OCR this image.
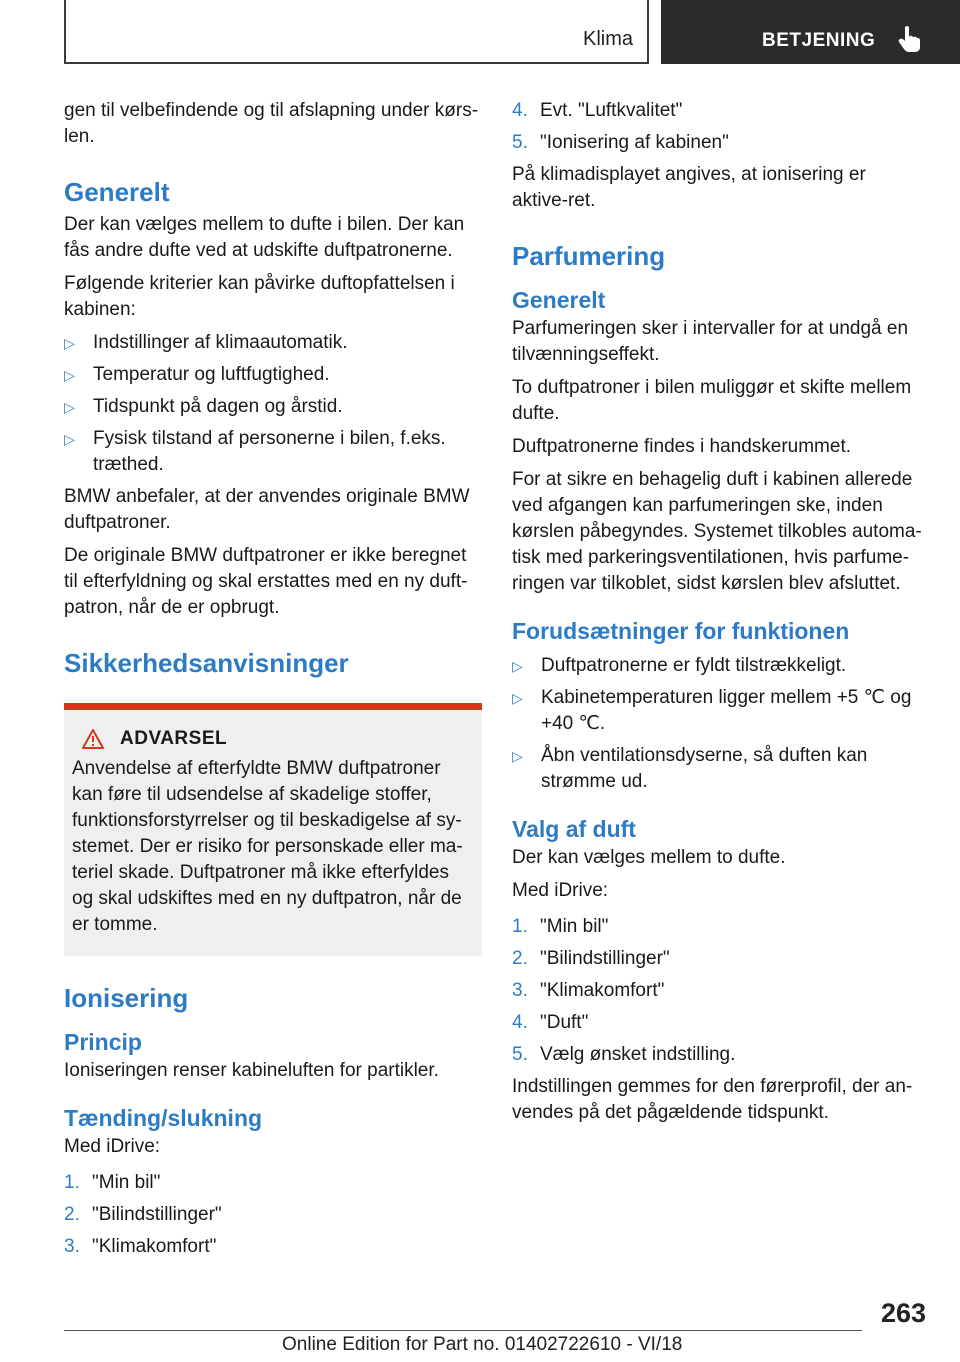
Klima	BETJENING

gen til velbefindende og til afslapning under kørs-len.

Generelt

Der kan vælges mellem to dufte i bilen. Der kan fås andre dufte ved at udskifte duftpatronerne.

Følgende kriterier kan påvirke duftopfattelsen i kabinen:

▷ Indstillinger af klimaautomatik.
▷ Temperatur og luftfugtighed.
▷ Tidspunkt på dagen og årstid.
▷ Fysisk tilstand af personerne i bilen, f.eks. træthed.

BMW anbefaler, at der anvendes originale BMW duftpatroner.

De originale BMW duftpatroner er ikke beregnet til efterfyldning og skal erstattes med en ny duft-patron, når de er opbrugt.

Sikkerhedsanvisninger
ADVARSEL
Anvendelse af efterfyldte BMW duftpatroner kan føre til udsendelse af skadelige stoffer, funktionsforstyrrelser og til beskadigelse af sy-stemet. Der er risiko for personskade eller ma-teriel skade. Duftpatroner må ikke efterfyldes og skal udskiftes med en ny duftpatron, når de er tomme.
Ionisering
Princip

Ioniseringen renser kabineluften for partikler.

Tænding/slukning

Med iDrive:

1. "Min bil"
2. "Bilindstillinger"
3. "Klimakomfort"
4. Evt. "Luftkvalitet"
5. "Ionisering af kabinen"

På klimadisplayet angives, at ionisering er aktive-ret.

Parfumering
Generelt

Parfumeringen sker i intervaller for at undgå en tilvænningseffekt.

To duftpatroner i bilen muliggør et skifte mellem dufte.

Duftpatronerne findes i handskerummet.

For at sikre en behagelig duft i kabinen allerede ved afgangen kan parfumeringen ske, inden kørslen påbegyndes. Systemet tilkobles automa-tisk med parkeringsventilationen, hvis parfume-ringen var tilkoblet, sidst kørslen blev afsluttet.

Forudsætninger for funktionen
▷ Duftpatronerne er fyldt tilstrækkeligt.
▷ Kabinetemperaturen ligger mellem +5 ℃ og +40 ℃.
▷ Åbn ventilationsdyserne, så duften kan strømme ud.
Valg af duft

Der kan vælges mellem to dufte.

Med iDrive:

1. "Min bil"
2. "Bilindstillinger"
3. "Klimakomfort"
4. "Duft"
5. Vælg ønsket indstilling.

Indstillingen gemmes for den førerprofil, der an-vendes på det pågældende tidspunkt.

263
Online Edition for Part no. 01402722610 - VI/18
